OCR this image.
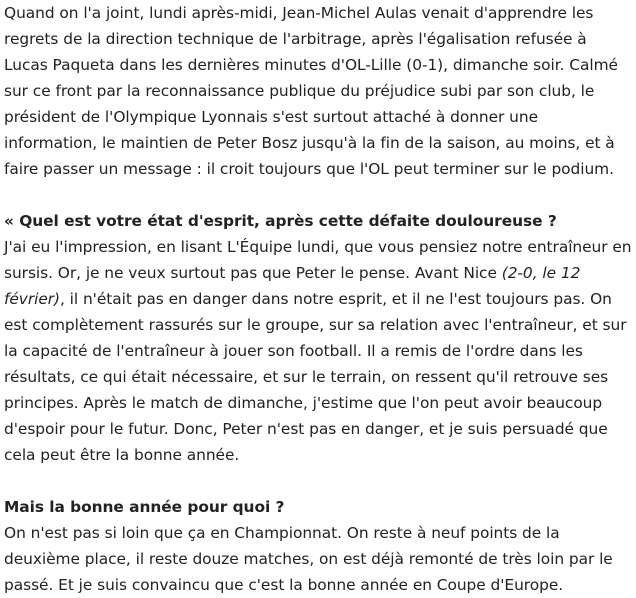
Quand on l'a joint, lundi après-midi, Jean-Michel Aulas venait d'apprendre les regrets de la direction technique de l'arbitrage, après l'égalisation refusée à Lucas Paqueta dans les dernières minutes d'OL-Lille (0-1), dimanche soir. Calmé sur ce front par la reconnaissance publique du préjudice subi par son club, le président de l'Olympique Lyonnais s'est surtout attaché à donner une information, le maintien de Peter Bosz jusqu'à la fin de la saison, au moins, et à faire passer un message : il croit toujours que l'OL peut terminer sur le podium.

« Quel est votre état d'esprit, après cette défaite douloureuse ?

J'ai eu l'impression, en lisant L'Équipe lundi, que vous pensiez notre entraîneur en sursis. Or, je ne veux surtout pas que Peter le pense. Avant Nice (2-0, le 12 février), il n'était pas en danger dans notre esprit, et il ne l'est toujours pas. On est complètement rassurés sur le groupe, sur sa relation avec l'entraîneur, et sur la capacité de l'entraîneur à jouer son football. Il a remis de l'ordre dans les résultats, ce qui était nécessaire, et sur le terrain, on ressent qu'il retrouve ses principes. Après le match de dimanche, j'estime que l'on peut avoir beaucoup d'espoir pour le futur. Donc, Peter n'est pas en danger, et je suis persuadé que cela peut être la bonne année.

Mais la bonne année pour quoi ?

On n'est pas si loin que ça en Championnat. On reste à neuf points de la deuxième place, il reste douze matches, on est déjà remonté de très loin par le passé. Et je suis convaincu que c'est la bonne année en Coupe d'Europe.
